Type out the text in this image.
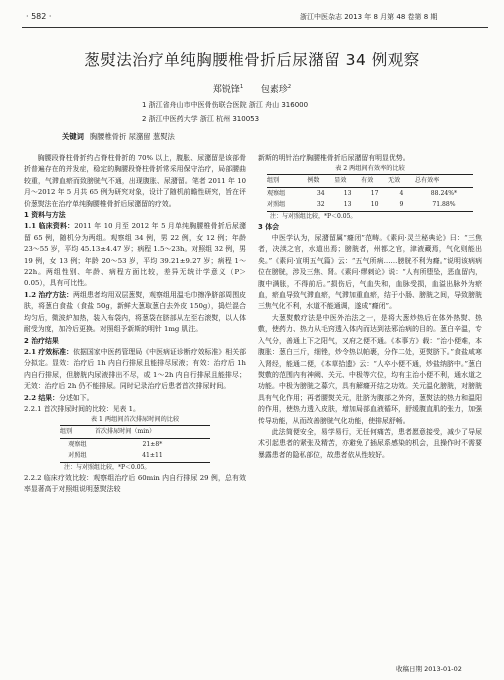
· 582 ·	浙江中医杂志 2013 年 8 月第 48 卷第 8 期
葱熨法治疗单纯胸腰椎骨折后尿潴留 34 例观察
郑锐锋$^1$ 包素珍$^2$
1 浙江省舟山市中医骨伤联合医院 浙江 舟山 316000
2 浙江中医药大学 浙江 杭州 310053
关键词 胸腰椎骨折 尿潴留 葱熨法

胸腰段脊柱骨折约占脊柱骨折的 70% 以上，腹胀、尿潴留是该部骨折普遍存在的并发症，稳定的胸腰段脊柱骨折常采用保守治疗，局部腰曲较重，气滞血瘀而致膀胱气不通，出现腹胀、尿潴留。笔者 2011 年 10 月～2012 年 5 月共 65 例为研究对象，设计了随机前瞻性研究，旨在评价葱熨法在治疗单纯胸腰椎骨折后尿潴留的疗效。

1 资料与方法

1.1 临床资料：2011 年 10 月至 2012 年 5 月单纯胸腰椎骨折后尿潴留 65 例，随机分为两组。观察组 34 例，男 22 例，女 12 例；年龄 23～55 岁，平均 45.13±4.47 岁；病程 1.5～23h。对照组 32 例，男 19 例，女 13 例；年龄 20～53 岁，平均 39.21±9.27 岁；病程 1～22h。两组性别、年龄、病程方面比较，差异无统计学意义（P＞0.05），具有可比性。

1.2 治疗方法：两组患者均用双层葱熨，观察组用温毛巾擦净脐部周围皮肤，将葱白食盐（食盐 50g，新鲜大葱取葱白去外皮 150g），捣烂混合均匀后，微波炉加热，装入布袋内，将葱袋在脐部从左至右滚熨，以人体耐受为度，加冷后更换。对照组予新斯的明针 1mg 肌注。

2 治疗结果

2.1 疗效标准：依据国家中医药管理局《中医病证诊断疗效标准》相关部分拟定。显效：治疗后 1h 内自行排尿且能排尽尿液；有效：治疗后 1h 内自行排尿，但膀胱内尿液排出不尽，或 1～2h 内自行排尿且能排尽；无效：治疗后 2h 仍不能排尿。同时记录治疗后患者首次排尿时间。

2.2 结果：分述如下。

2.2.1 首次排尿时间的比较：见表 1。

表 1 两组间首次排尿时间的比较
组别	首次排尿时间（min）
观察组	21±8*
对照组	41±11
注：与对照组比较，*P＜0.05。

2.2.2 临床疗效比较：观察组治疗后 60min 内自行排尿 29 例，总有效率显著高于对照组说明葱熨法较

新斯的明针治疗胸腰椎骨折后尿潴留有明显优势。

表 2 两组间有效率的比较
组别	例数	显效	有效	无效	总有效率
观察组	34	13	17	4	88.24%*
对照组	32	13	10	9	71.88%
注：与对照组比较，*P＜0.05。

3 体会

中医学认为，尿潴留属“癃闭”范畴。《素问·灵兰秘典论》曰：“三焦者，决渎之官，水道出焉；膀胱者，州都之官，津液藏焉，气化则能出矣。”《素问·宣明五气篇》云：“五气所病……膀胱不利为癃。”说明该病病位在膀胱，涉及三焦、肾。《素问·缪刺论》说：“人有所堕坠，恶血留内，腹中满胀，不得前后。”损伤后，气血失和，血脉受损，血溢出脉外为瘀血，瘀血导致气滞血瘀，气滞加重血瘀，结于小肠、膀胱之间，导致膀胱三焦气化不利，水道不能通调，遂成“癃闭”。

大葱熨敷疗法是中医外治法之一，是将大葱炒热后在体外热熨、热敷，使药力、热力从毛窍透入体内而达到祛邪治病的目的。葱白辛温，专入气分，善通上下之阳气，又府之便不通。《本事方》载：“治小便难，本腹胀：葱白三斤，细锉，炒令热以帕裹，分作二处，更熨脐下。”食盐咸寒入肾经，能通二便，《本草拾遗》云：“人卒小便不通，炒盐纳脐中。”葱白熨敷的范围内有神阙、关元、中极等穴位，均有主治小便不利，通水道之功能。中极为膀胱之募穴，具有解癃开结之功效。关元温化膀胱，对膀胱具有气化作用；再者腰熨关元，肚脐为腹部之外窍，葱熨法的热力和温阳的作用，使热力透入皮肤，增加局部血液循环，舒缓腹直肌的张力，加强传导功能，从而改善膀胱气化功能，使排尿舒畅。

此法简便安全，易学易行，无任何痛苦，患者愿意接受，减少了导尿术引起患者的紧张及精苦，亦避免了插尿系感染的机会，且操作时不需要暴露患者的隐私部位，故患者依从性较好。

收稿日期 2013-01-02
